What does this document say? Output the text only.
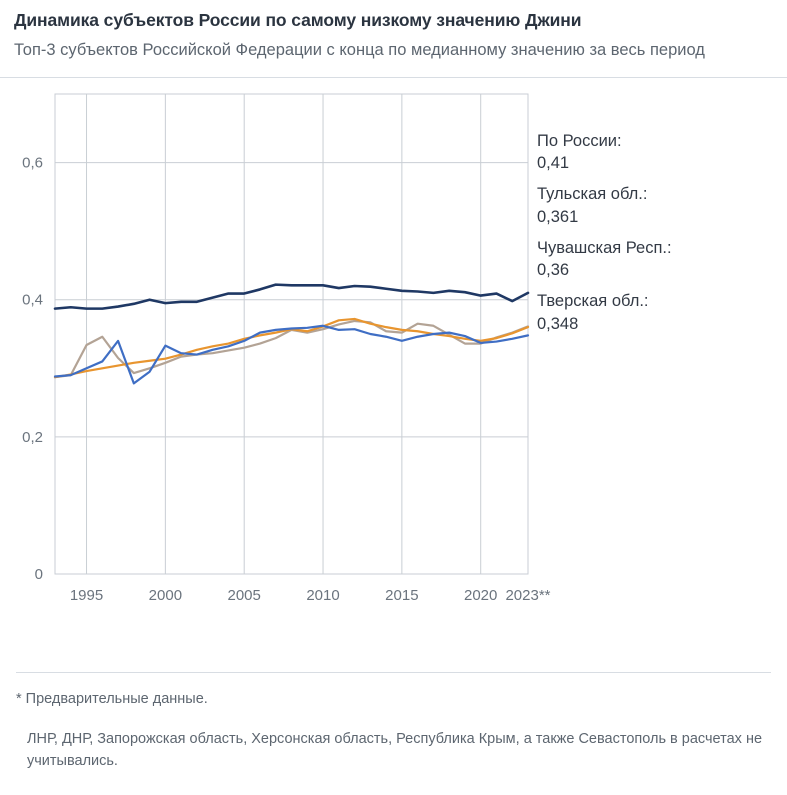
Динамика субъектов России по самому низкому значению Джини
Топ-3 субъектов Российской Федерации с конца по медианному значению за весь период
0
0,2
0,4
0,6
1995	2000	2005	2010	2015	2020 2023**
По России:
0,41
Тульская обл.:
0,361
Чувашская Респ.:
0,36
Тверская обл.:
0,348
* Предварительные данные.
ЛНР, ДНР, Запорожская область, Херсонская область, Республика Крым, а также Севастополь в расчетах не учитывались.
